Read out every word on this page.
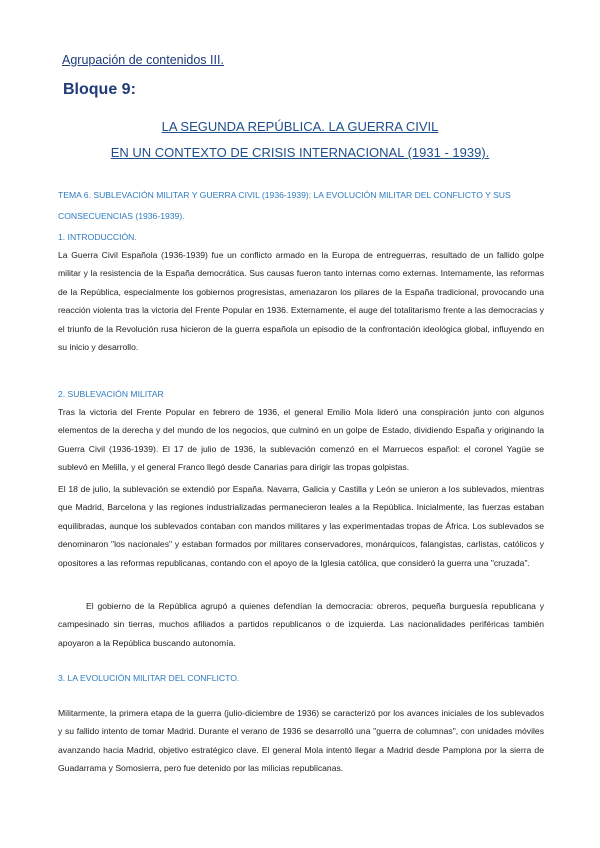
Agrupación de contenidos III.
Bloque 9:
LA SEGUNDA REPÚBLICA. LA GUERRA CIVIL
EN UN CONTEXTO DE CRISIS INTERNACIONAL (1931 - 1939).
TEMA 6. SUBLEVACIÓN MILITAR Y GUERRA CIVIL (1936-1939): LA EVOLUCIÓN MILITAR DEL CONFLICTO Y SUS CONSECUENCIAS (1936-1939).
1. INTRODUCCIÓN.
La Guerra Civil Española (1936-1939) fue un conflicto armado en la Europa de entreguerras, resultado de un fallido golpe militar y la resistencia de la España democrática. Sus causas fueron tanto internas como externas. Internamente, las reformas de la República, especialmente los gobiernos progresistas, amenazaron los pilares de la España tradicional, provocando una reacción violenta tras la victoria del Frente Popular en 1936. Externamente, el auge del totalitarismo frente a las democracias y el triunfo de la Revolución rusa hicieron de la guerra española un episodio de la confrontación ideológica global, influyendo en su inicio y desarrollo.
2. SUBLEVACIÓN MILITAR
Tras la victoria del Frente Popular en febrero de 1936, el general Emilio Mola lideró una conspiración junto con algunos elementos de la derecha y del mundo de los negocios, que culminó en un golpe de Estado, dividiendo España y originando la Guerra Civil (1936-1939). El 17 de julio de 1936, la sublevación comenzó en el Marruecos español: el coronel Yagüe se sublevó en Melilla, y el general Franco llegó desde Canarias para dirigir las tropas golpistas.
El 18 de julio, la sublevación se extendió por España. Navarra, Galicia y Castilla y León se unieron a los sublevados, mientras que Madrid, Barcelona y las regiones industrializadas permanecieron leales a la República. Inicialmente, las fuerzas estaban equilibradas, aunque los sublevados contaban con mandos militares y las experimentadas tropas de África. Los sublevados se denominaron "los nacionales" y estaban formados por militares conservadores, monárquicos, falangistas, carlistas, católicos y opositores a las reformas republicanas, contando con el apoyo de la Iglesia católica, que consideró la guerra una "cruzada".
El gobierno de la República agrupó a quienes defendían la democracia: obreros, pequeña burguesía republicana y campesinado sin tierras, muchos afiliados a partidos republicanos o de izquierda. Las nacionalidades periféricas también apoyaron a la República buscando autonomía.
3. LA EVOLUCIÓN MILITAR DEL CONFLICTO.
Militarmente, la primera etapa de la guerra (julio-diciembre de 1936) se caracterizó por los avances iniciales de los sublevados y su fallido intento de tomar Madrid. Durante el verano de 1936 se desarrolló una "guerra de columnas", con unidades móviles avanzando hacia Madrid, objetivo estratégico clave. El general Mola intentó llegar a Madrid desde Pamplona por la sierra de Guadarrama y Somosierra, pero fue detenido por las milicias republicanas.
